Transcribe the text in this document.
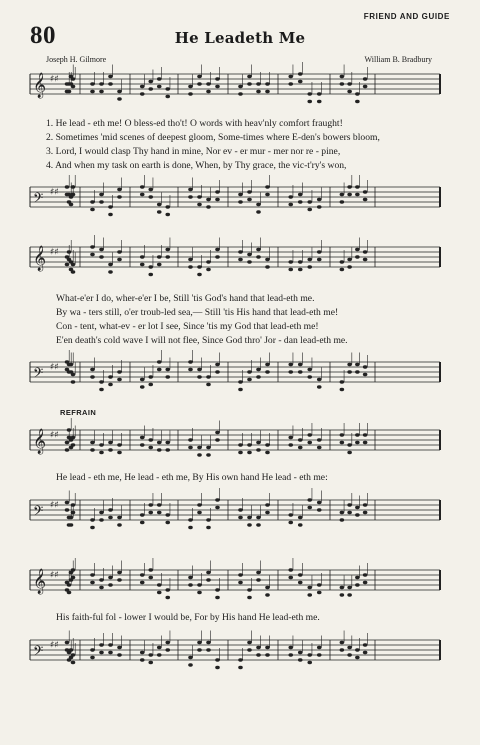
80
FRIEND AND GUIDE
He Leadeth Me
Joseph H. Gilmore	William B. Bradbury
𝄞 ♯♯
1. He lead - eth me! O bless-ed tho't! O words with heav'nly comfort fraught!
2. Sometimes 'mid scenes of deepest gloom, Some-times where E-den's bowers bloom,
3. Lord, I would clasp Thy hand in mine, Nor ev - er mur - mer nor re - pine,
4. And when my task on earth is done, When, by Thy grace, the vic-t'ry's won,
𝄢 ♯♯
𝄞 ♯♯
What-e'er I do, wher-e'er I be, Still 'tis God's hand that lead-eth me.
By wa - ters still, o'er troub-led sea,— Still 'tis His hand that lead-eth me!
Con - tent, what-ev - er lot I see, Since 'tis my God that lead-eth me!
E'en death's cold wave I will not flee, Since God thro' Jor - dan lead-eth me.
𝄢 ♯♯
REFRAIN
𝄞 ♯♯
He lead - eth me, He lead - eth me, By His own hand He lead - eth me:
𝄢 ♯♯
𝄞 ♯♯
His faith-ful fol - lower I would be, For by His hand He lead-eth me.
𝄢 ♯♯
